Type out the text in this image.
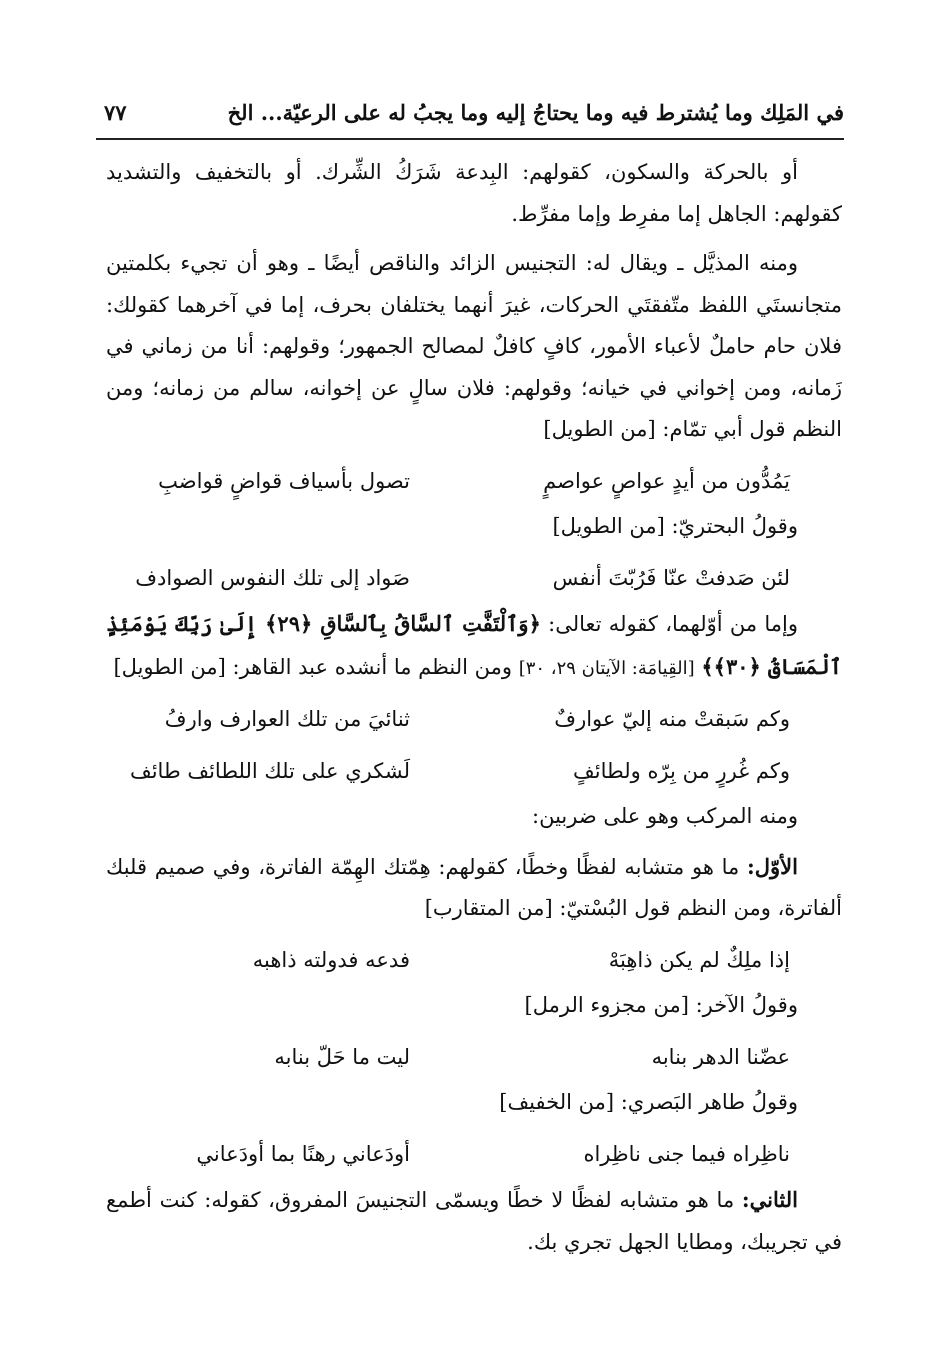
في المَلِك وما يُشترط فيه وما يحتاجُ إليه وما يجبُ له على الرعيّة... الخ
٧٧

أو بالحركة والسكون، كقولهم: البِدعة شَرَكُ الشِّرك. أو بالتخفيف والتشديد كقولهم: الجاهل إما مفرِط وإما مفرِّط.

ومنه المذيَّل ـ ويقال له: التجنيس الزائد والناقص أيضًا ـ وهو أن تجيء بكلمتين متجانستَي اللفظ متّفقتَي الحركات، غيرَ أنهما يختلفان بحرف، إما في آخرهما كقولك: فلان حام حاملٌ لأعباء الأمور، كافٍ كافلٌ لمصالح الجمهور؛ وقولهم: أنا من زماني في زَمانه، ومن إخواني في خيانه؛ وقولهم: فلان سالٍ عن إخوانه، سالم من زمانه؛ ومن النظم قول أبي تمّام: [من الطويل]

يَمُدُّون من أيدٍ عواصٍ عواصمٍ
تصول بأسياف قواضٍ قواضبِ

وقولُ البحتريّ: [من الطويل]

لئن صَدفتْ عنّا فَرُبّتَ أنفس
صَواد إلى تلك النفوس الصوادف

وإما من أوّلهما، كقوله تعالى: ﴿وَٱلْتَفَّتِ ٱلسَّاقُ بِٱلسَّاقِ ﴿٢٩﴾ إِلَىٰ رَبِّكَ يَوْمَئِذٍ ٱلْمَسَاقُ ﴿٣٠﴾﴾ [القِيامَة: الآيتان ٢٩، ٣٠] ومن النظم ما أنشده عبد القاهر: [من الطويل]

وكم سَبقتْ منه إليّ عوارفٌ
ثنائيَ من تلك العوارف وارفُ
وكم غُررٍ من بِرّه ولطائفٍ
لَشكري على تلك اللطائف طائف

ومنه المركب وهو على ضربين:

الأوّل: ما هو متشابه لفظًا وخطًا، كقولهم: هِمّتك الهِمّة الفاترة، وفي صميم قلبك ألفاترة، ومن النظم قول البُسْتيّ: [من المتقارب]

إذا ملِكٌ لم يكن ذاهِبَهْ
فدعه فدولته ذاهبه

وقولُ الآخر: [من مجزوء الرمل]

عضّنا الدهر بنابه
ليت ما حَلّ بنابه

وقولُ طاهر البَصري: [من الخفيف]

ناظِراه فيما جنى ناظِراه
أودَعاني رهنًا بما أودَعاني

الثاني: ما هو متشابه لفظًا لا خطًا ويسمّى التجنيسَ المفروق، كقوله: كنت أطمع في تجريبك، ومطايا الجهل تجري بك.
